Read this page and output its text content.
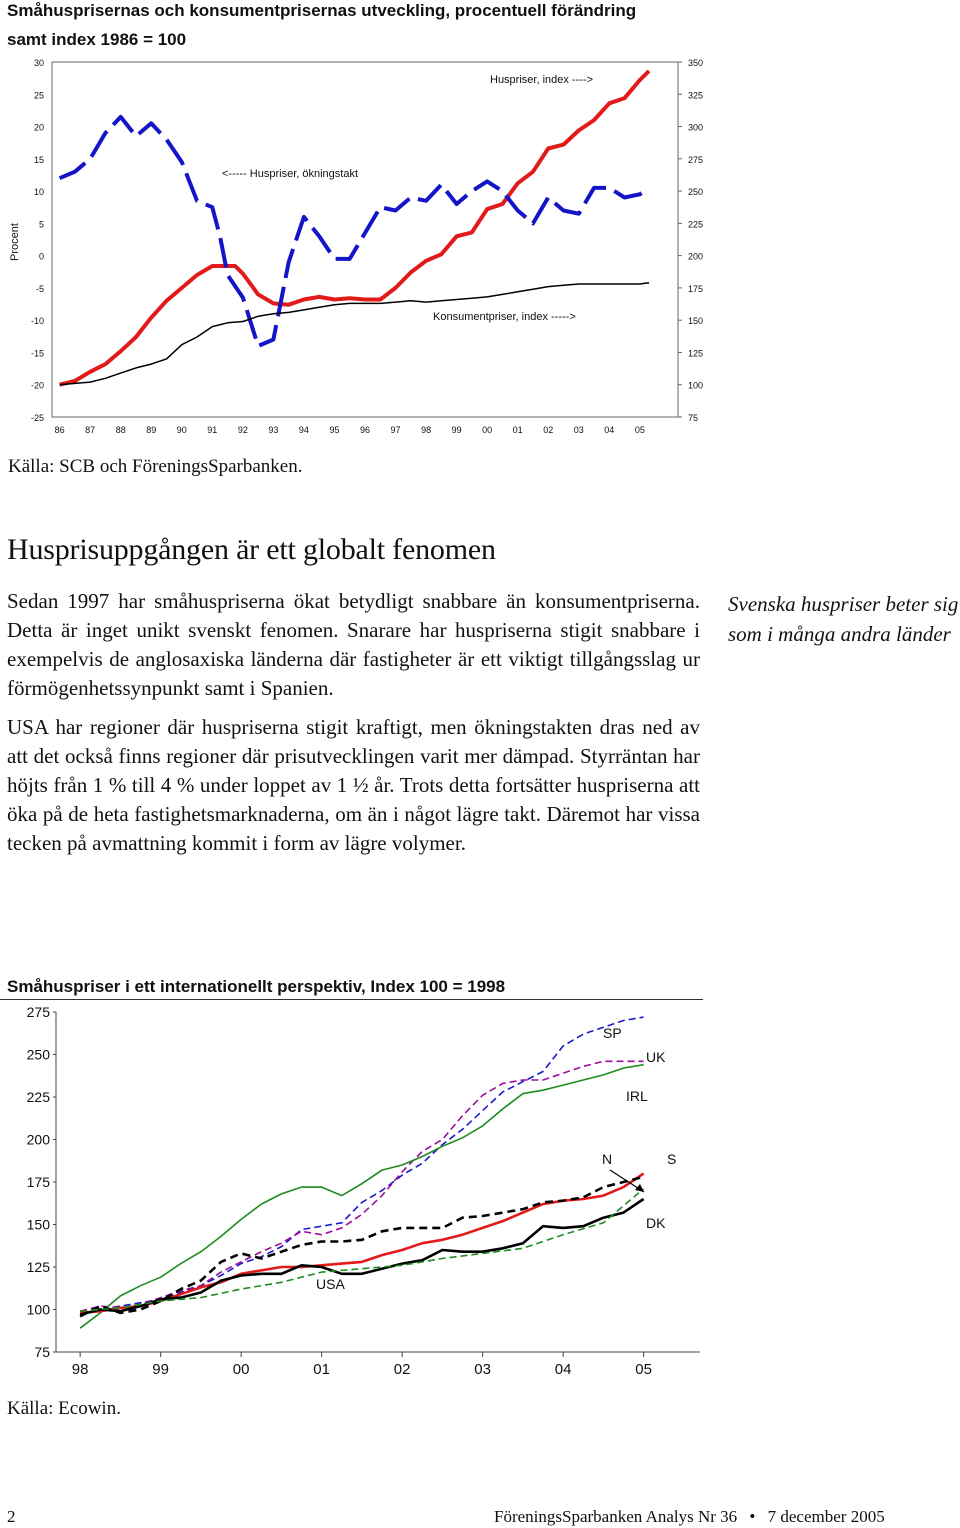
Småhusprisernas och konsumentprisernas utveckling, procentuell förändring
samt index 1986 = 100
30
25
20
15
10
5
0
-5
-10
-15
-20
-25
350
325
300
275
250
225
200
175
150
125
100
75
86 87 88 89 90 91 92 93 94 95 96 97 98 99 00 01 02 03 04 05
Procent
Huspriser, index ---->
<----- Huspriser, ökningstakt
Konsumentpriser, index ----->
Källa: SCB och FöreningsSparbanken.
Husprisuppgången är ett globalt fenomen

Sedan 1997 har småhuspriserna ökat betydligt snabbare än konsumentpriserna. Detta är inget unikt svenskt fenomen. Snarare har huspriserna stigit snabbare i exempelvis de anglosaxiska länderna där fastigheter är ett viktigt tillgångsslag ur förmögenhetssynpunkt samt i Spanien.

USA har regioner där huspriserna stigit kraftigt, men ökningstakten dras ned av att det också finns regioner där prisutvecklingen varit mer dämpad. Styrräntan har höjts från 1 % till 4 % under loppet av 1 ½ år. Trots detta fortsätter huspriserna att öka på de heta fastighetsmarknaderna, om än i något lägre takt. Däremot har vissa tecken på avmattning kommit i form av lägre volymer.

Svenska huspriser beter sig som i många andra länder
Småhuspriser i ett internationellt perspektiv, Index 100 = 1998
275
250
225
200
175
150
125
100
75
98	99	00	01	02	03	04	05
SP
UK
IRL
S
N
DK
USA
Källa: Ecowin.
2	FöreningsSparbanken Analys Nr 36 • 7 december 2005
